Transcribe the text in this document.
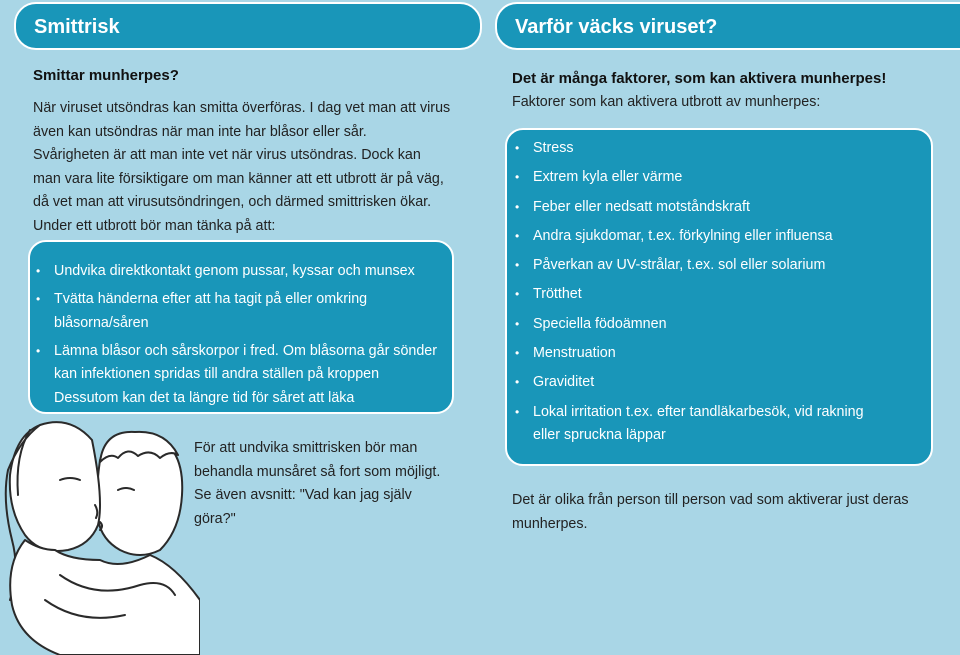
Smittrisk	Varför väcks viruset?
Smittar munherpes?
När viruset utsöndras kan smitta överföras. I dag vet man att virus
även kan utsöndras när man inte har blåsor eller sår.
Svårigheten är att man inte vet när virus utsöndras. Dock kan
man vara lite försiktigare om man känner att ett utbrott är på väg,
då vet man att virusutsöndringen, och därmed smittrisken ökar.
Under ett utbrott bör man tänka på att:
• Undvika direktkontakt genom pussar, kyssar och munsex
• Tvätta händerna efter att ha tagit på eller omkring
blåsorna/såren
• Lämna blåsor och sårskorpor i fred. Om blåsorna går sönder
kan infektionen spridas till andra ställen på kroppen
Dessutom kan det ta längre tid för såret att läka
För att undvika smittrisken bör man
behandla munsåret så fort som möjligt.
Se även avsnitt: "Vad kan jag själv
göra?"
Det är många faktorer, som kan aktivera munherpes!
Faktorer som kan aktivera utbrott av munherpes:
• Stress
• Extrem kyla eller värme
• Feber eller nedsatt motståndskraft
• Andra sjukdomar, t.ex. förkylning eller influensa
• Påverkan av UV-strålar, t.ex. sol eller solarium
• Trötthet
• Speciella födoämnen
• Menstruation
• Graviditet
• Lokal irritation t.ex. efter tandläkarbesök, vid rakning
eller spruckna läppar
Det är olika från person till person vad som aktiverar just deras
munherpes.
